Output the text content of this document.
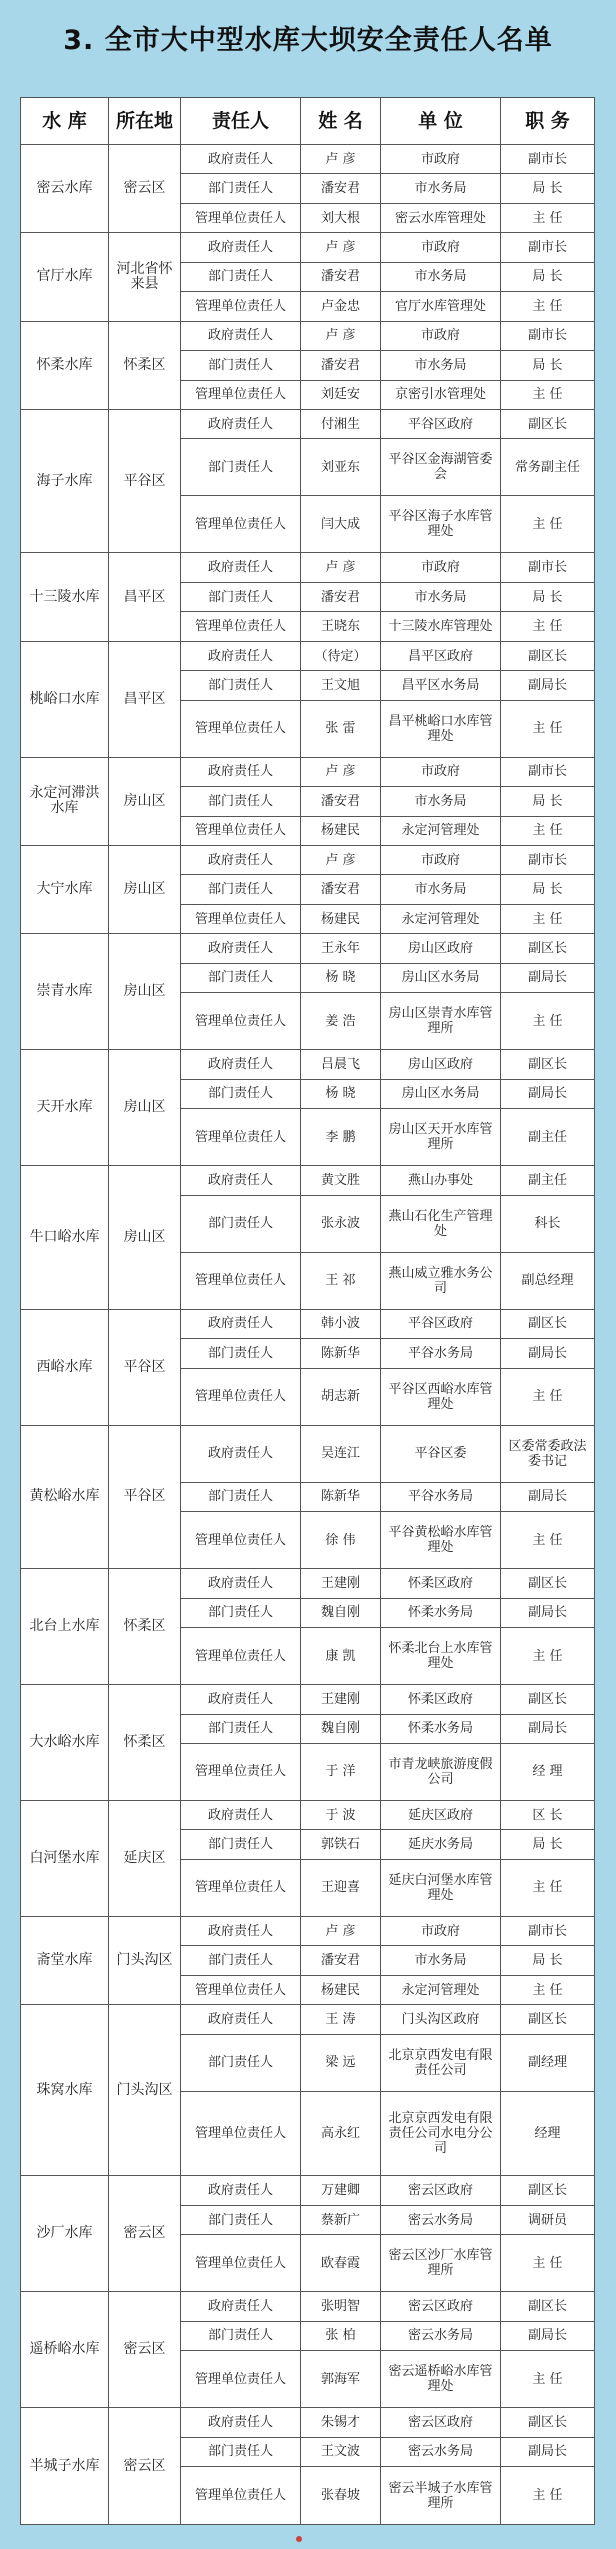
3. 全市大中型水库大坝安全责任人名单
水 库	所在地	责任人	姓 名	单 位	职 务
密云水库	密云区	政府责任人	卢 彦	市政府	副市长
		部门责任人	潘安君	市水务局	局 长
		管理单位责任人	刘大根	密云水库管理处	主 任
官厅水库	河北省怀来县	政府责任人	卢 彦	市政府	副市长
		部门责任人	潘安君	市水务局	局 长
		管理单位责任人	卢金忠	官厅水库管理处	主 任
怀柔水库	怀柔区	政府责任人	卢 彦	市政府	副市长
		部门责任人	潘安君	市水务局	局 长
		管理单位责任人	刘廷安	京密引水管理处	主 任
海子水库	平谷区	政府责任人	付湘生	平谷区政府	副区长
		部门责任人	刘亚东	平谷区金海湖管委会	常务副主任
		管理单位责任人	闫大成	平谷区海子水库管理处	主 任
十三陵水库	昌平区	政府责任人	卢 彦	市政府	副市长
		部门责任人	潘安君	市水务局	局 长
		管理单位责任人	王晓东	十三陵水库管理处	主 任
桃峪口水库	昌平区	政府责任人	（待定）	昌平区政府	副区长
		部门责任人	王文旭	昌平区水务局	副局长
		管理单位责任人	张 雷	昌平桃峪口水库管理处	主 任
永定河滞洪水库	房山区	政府责任人	卢 彦	市政府	副市长
		部门责任人	潘安君	市水务局	局 长
		管理单位责任人	杨建民	永定河管理处	主 任
大宁水库	房山区	政府责任人	卢 彦	市政府	副市长
		部门责任人	潘安君	市水务局	局 长
		管理单位责任人	杨建民	永定河管理处	主 任
崇青水库	房山区	政府责任人	王永年	房山区政府	副区长
		部门责任人	杨 晓	房山区水务局	副局长
		管理单位责任人	姜 浩	房山区崇青水库管理所	主 任
天开水库	房山区	政府责任人	吕晨飞	房山区政府	副区长
		部门责任人	杨 晓	房山区水务局	副局长
		管理单位责任人	李 鹏	房山区天开水库管理所	副主任
牛口峪水库	房山区	政府责任人	黄文胜	燕山办事处	副主任
		部门责任人	张永波	燕山石化生产管理处	科长
		管理单位责任人	王 祁	燕山威立雅水务公司	副总经理
西峪水库	平谷区	政府责任人	韩小波	平谷区政府	副区长
		部门责任人	陈新华	平谷水务局	副局长
		管理单位责任人	胡志新	平谷区西峪水库管理处	主 任
黄松峪水库	平谷区	政府责任人	吴连江	平谷区委	区委常委政法委书记
		部门责任人	陈新华	平谷水务局	副局长
		管理单位责任人	徐 伟	平谷黄松峪水库管理处	主 任
北台上水库	怀柔区	政府责任人	王建刚	怀柔区政府	副区长
		部门责任人	魏自刚	怀柔水务局	副局长
		管理单位责任人	康 凯	怀柔北台上水库管理处	主 任
大水峪水库	怀柔区	政府责任人	王建刚	怀柔区政府	副区长
		部门责任人	魏自刚	怀柔水务局	副局长
		管理单位责任人	于 洋	市青龙峡旅游度假公司	经 理
白河堡水库	延庆区	政府责任人	于 波	延庆区政府	区 长
		部门责任人	郭铁石	延庆水务局	局 长
		管理单位责任人	王迎喜	延庆白河堡水库管理处	主 任
斋堂水库	门头沟区	政府责任人	卢 彦	市政府	副市长
		部门责任人	潘安君	市水务局	局 长
		管理单位责任人	杨建民	永定河管理处	主 任
珠窝水库	门头沟区	政府责任人	王 涛	门头沟区政府	副区长
		部门责任人	梁 远	北京京西发电有限责任公司	副经理
		管理单位责任人	高永红	北京京西发电有限责任公司水电分公司	经理
沙厂水库	密云区	政府责任人	万建卿	密云区政府	副区长
		部门责任人	蔡新广	密云水务局	调研员
		管理单位责任人	欧春霞	密云区沙厂水库管理所	主 任
遥桥峪水库	密云区	政府责任人	张明智	密云区政府	副区长
		部门责任人	张 柏	密云水务局	副局长
		管理单位责任人	郭海军	密云遥桥峪水库管理处	主 任
半城子水库	密云区	政府责任人	朱锡才	密云区政府	副区长
		部门责任人	王文波	密云水务局	副局长
		管理单位责任人	张春坡	密云半城子水库管理所	主 任
